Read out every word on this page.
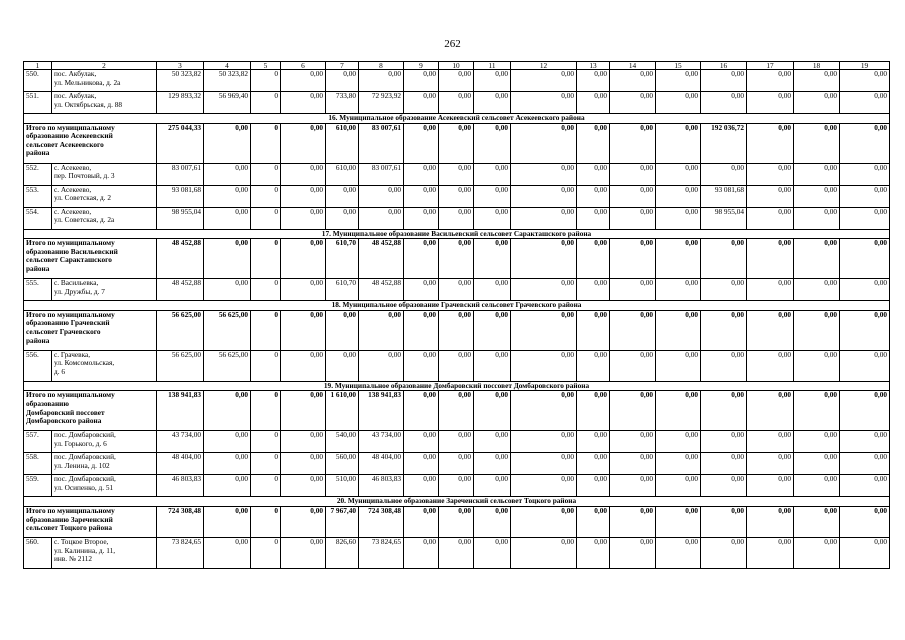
262
1	2	3	4	5	6	7	8	9	10	11	12	13	14	15	16	17	18	19
550.	пос. Акбулак,
ул. Мельникова, д. 2а	50 323,82	50 323,82	0	0,00	0,00	0,00	0,00	0,00	0,00	0,00	0,00	0,00	0,00	0,00	0,00	0,00	0,00
551.	пос. Акбулак,
ул. Октябрьская, д. 88	129 893,32	56 969,40	0	0,00	733,80	72 923,92	0,00	0,00	0,00	0,00	0,00	0,00	0,00	0,00	0,00	0,00	0,00
16. Муниципальное образование Асекеевский сельсовет Асекеевского района																		

Итого по муниципальному
образованию Асекеевский
сельсовет Асекеевского
района		275 044,33	0,00	0	0,00	610,00	83 007,61	0,00	0,00	0,00	0,00	0,00	0,00	0,00	192 036,72	0,00	0,00	0,00
552.	с. Асекеево,
пер. Почтовый, д. 3	83 007,61	0,00	0	0,00	610,00	83 007,61	0,00	0,00	0,00	0,00	0,00	0,00	0,00	0,00	0,00	0,00	0,00
553.	с. Асекеево,
ул. Советская, д. 2	93 081,68	0,00	0	0,00	0,00	0,00	0,00	0,00	0,00	0,00	0,00	0,00	0,00	93 081,68	0,00	0,00	0,00
554.	с. Асекеево,
ул. Советская, д. 2а	98 955,04	0,00	0	0,00	0,00	0,00	0,00	0,00	0,00	0,00	0,00	0,00	0,00	98 955,04	0,00	0,00	0,00
17. Муниципальное образование Васильевский сельсовет Саракташского района																		

Итого по муниципальному
образованию Васильевский
сельсовет Саракташского
района		48 452,88	0,00	0	0,00	610,70	48 452,88	0,00	0,00	0,00	0,00	0,00	0,00	0,00	0,00	0,00	0,00	0,00
555.	с. Васильевка,
ул. Дружбы, д. 7	48 452,88	0,00	0	0,00	610,70	48 452,88	0,00	0,00	0,00	0,00	0,00	0,00	0,00	0,00	0,00	0,00	0,00
18. Муниципальное образование Грачевский сельсовет Грачевского района																		

Итого по муниципальному
образованию Грачевский
сельсовет Грачевского
района		56 625,00	56 625,00	0	0,00	0,00	0,00	0,00	0,00	0,00	0,00	0,00	0,00	0,00	0,00	0,00	0,00	0,00
556.	с. Грачевка,
ул. Комсомольская,
д. 6	56 625,00	56 625,00	0	0,00	0,00	0,00	0,00	0,00	0,00	0,00	0,00	0,00	0,00	0,00	0,00	0,00	0,00
19. Муниципальное образование Домбаровский поссовет Домбаровского района																		

Итого по муниципальному
образованию
Домбаровский поссовет
Домбаровского района		138 941,83	0,00	0	0,00	1 610,00	138 941,83	0,00	0,00	0,00	0,00	0,00	0,00	0,00	0,00	0,00	0,00	0,00
557.	пос. Домбаровский,
ул. Горького, д. 6	43 734,00	0,00	0	0,00	540,00	43 734,00	0,00	0,00	0,00	0,00	0,00	0,00	0,00	0,00	0,00	0,00	0,00
558.	пос. Домбаровский,
ул. Ленина, д. 102	48 404,00	0,00	0	0,00	560,00	48 404,00	0,00	0,00	0,00	0,00	0,00	0,00	0,00	0,00	0,00	0,00	0,00
559.	пос. Домбаровский,
ул. Осипенко, д. 51	46 803,83	0,00	0	0,00	510,00	46 803,83	0,00	0,00	0,00	0,00	0,00	0,00	0,00	0,00	0,00	0,00	0,00
20. Муниципальное образование Зареченский сельсовет Тоцкого района																		

Итого по муниципальному
образованию Зареченский
сельсовет Тоцкого района		724 308,48	0,00	0	0,00	7 967,40	724 308,48	0,00	0,00	0,00	0,00	0,00	0,00	0,00	0,00	0,00	0,00	0,00
560.	с. Тоцкое Второе,
ул. Калинина, д. 11,
инв. № 2112	73 824,65	0,00	0	0,00	826,60	73 824,65	0,00	0,00	0,00	0,00	0,00	0,00	0,00	0,00	0,00	0,00	0,00
